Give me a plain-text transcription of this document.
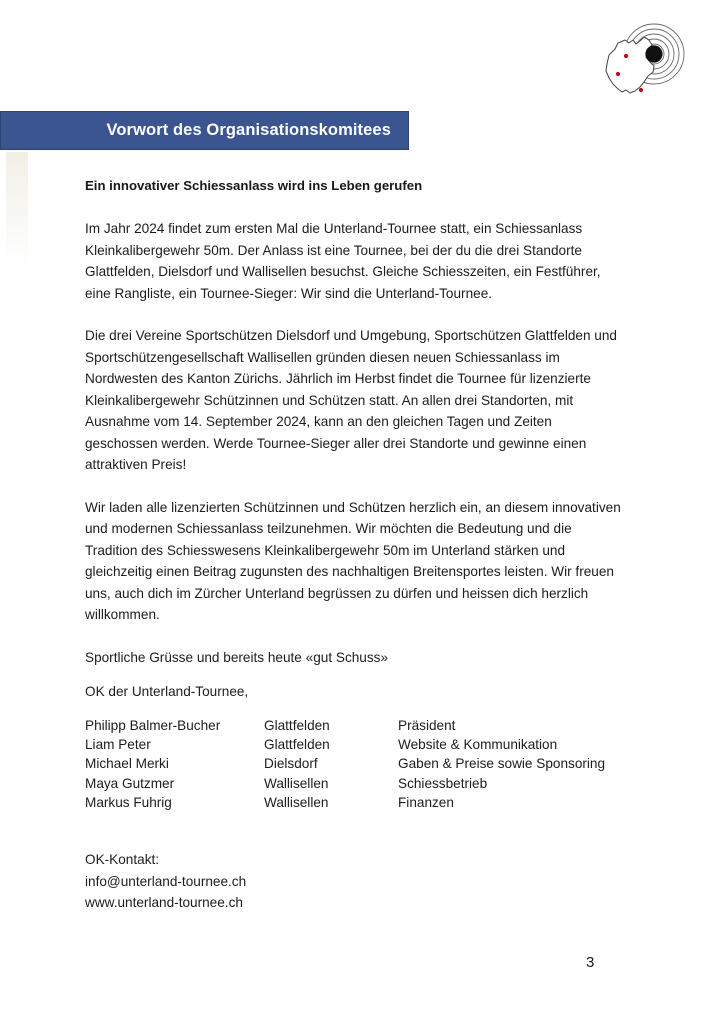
Vorwort des Organisationskomitees
Ein innovativer Schiessanlass wird ins Leben gerufen

Im Jahr 2024 findet zum ersten Mal die Unterland-Tournee statt, ein Schiessanlass Kleinkalibergewehr 50m. Der Anlass ist eine Tournee, bei der du die drei Standorte Glattfelden, Dielsdorf und Wallisellen besuchst. Gleiche Schiesszeiten, ein Festführer, eine Rangliste, ein Tournee-Sieger: Wir sind die Unterland-Tournee.

Die drei Vereine Sportschützen Dielsdorf und Umgebung, Sportschützen Glattfelden und Sportschützengesellschaft Wallisellen gründen diesen neuen Schiessanlass im Nordwesten des Kanton Zürichs. Jährlich im Herbst findet die Tournee für lizenzierte Kleinkalibergewehr Schützinnen und Schützen statt. An allen drei Standorten, mit Ausnahme vom 14. September 2024, kann an den gleichen Tagen und Zeiten geschossen werden. Werde Tournee-Sieger aller drei Standorte und gewinne einen attraktiven Preis!

Wir laden alle lizenzierten Schützinnen und Schützen herzlich ein, an diesem innovativen und modernen Schiessanlass teilzunehmen. Wir möchten die Bedeutung und die Tradition des Schiesswesens Kleinkalibergewehr 50m im Unterland stärken und gleichzeitig einen Beitrag zugunsten des nachhaltigen Breitensportes leisten. Wir freuen uns, auch dich im Zürcher Unterland begrüssen zu dürfen und heissen dich herzlich willkommen.

Sportliche Grüsse und bereits heute «gut Schuss»

OK der Unterland-Tournee,

Philipp Balmer-Bucher	Glattfelden	Präsident
Liam Peter	Glattfelden	Website & Kommunikation
Michael Merki	Dielsdorf	Gaben & Preise sowie Sponsoring
Maya Gutzmer	Wallisellen	Schiessbetrieb
Markus Fuhrig	Wallisellen	Finanzen
OK-Kontakt:
info@unterland-tournee.ch
www.unterland-tournee.ch
3
